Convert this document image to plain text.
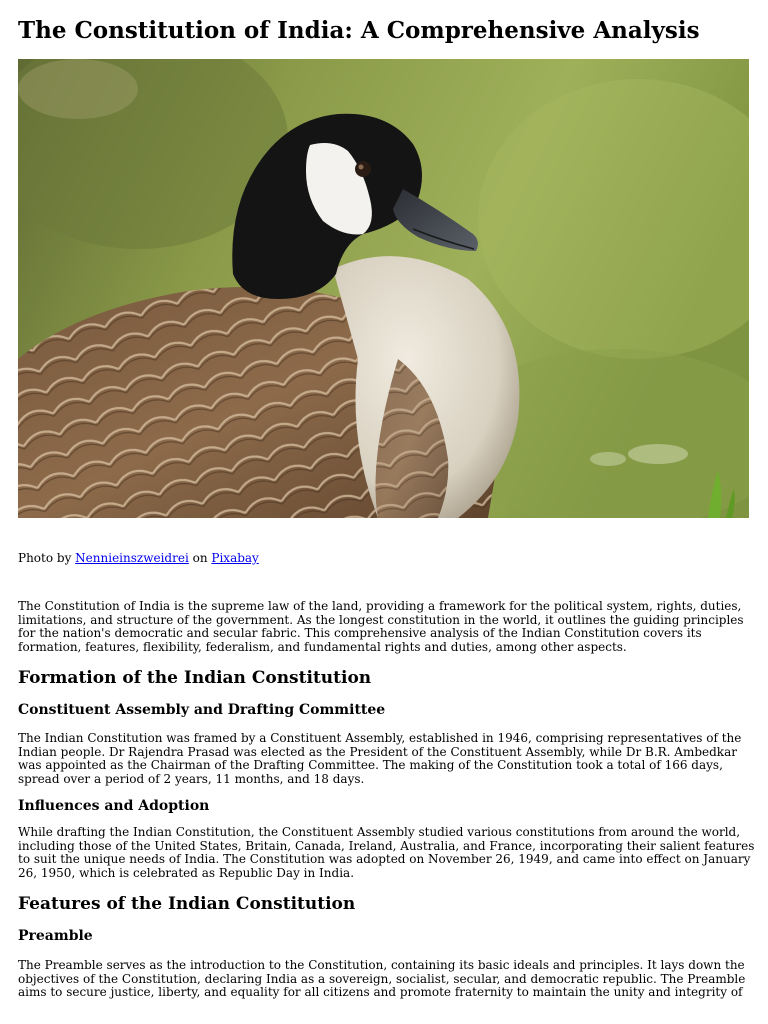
The Constitution of India: A Comprehensive Analysis

Photo by Nennieinszweidrei on Pixabay

The Constitution of India is the supreme law of the land, providing a framework for the political system, rights, duties, limitations, and structure of the government. As the longest constitution in the world, it outlines the guiding principles for the nation's democratic and secular fabric. This comprehensive analysis of the Indian Constitution covers its formation, features, flexibility, federalism, and fundamental rights and duties, among other aspects.

Formation of the Indian Constitution
Constituent Assembly and Drafting Committee

The Indian Constitution was framed by a Constituent Assembly, established in 1946, comprising representatives of the Indian people. Dr Rajendra Prasad was elected as the President of the Constituent Assembly, while Dr B.R. Ambedkar was appointed as the Chairman of the Drafting Committee. The making of the Constitution took a total of 166 days, spread over a period of 2 years, 11 months, and 18 days.

Influences and Adoption

While drafting the Indian Constitution, the Constituent Assembly studied various constitutions from around the world, including those of the United States, Britain, Canada, Ireland, Australia, and France, incorporating their salient features to suit the unique needs of India. The Constitution was adopted on November 26, 1949, and came into effect on January 26, 1950, which is celebrated as Republic Day in India.

Features of the Indian Constitution
Preamble

The Preamble serves as the introduction to the Constitution, containing its basic ideals and principles. It lays down the objectives of the Constitution, declaring India as a sovereign, socialist, secular, and democratic republic. The Preamble aims to secure justice, liberty, and equality for all citizens and promote fraternity to maintain the unity and integrity of
